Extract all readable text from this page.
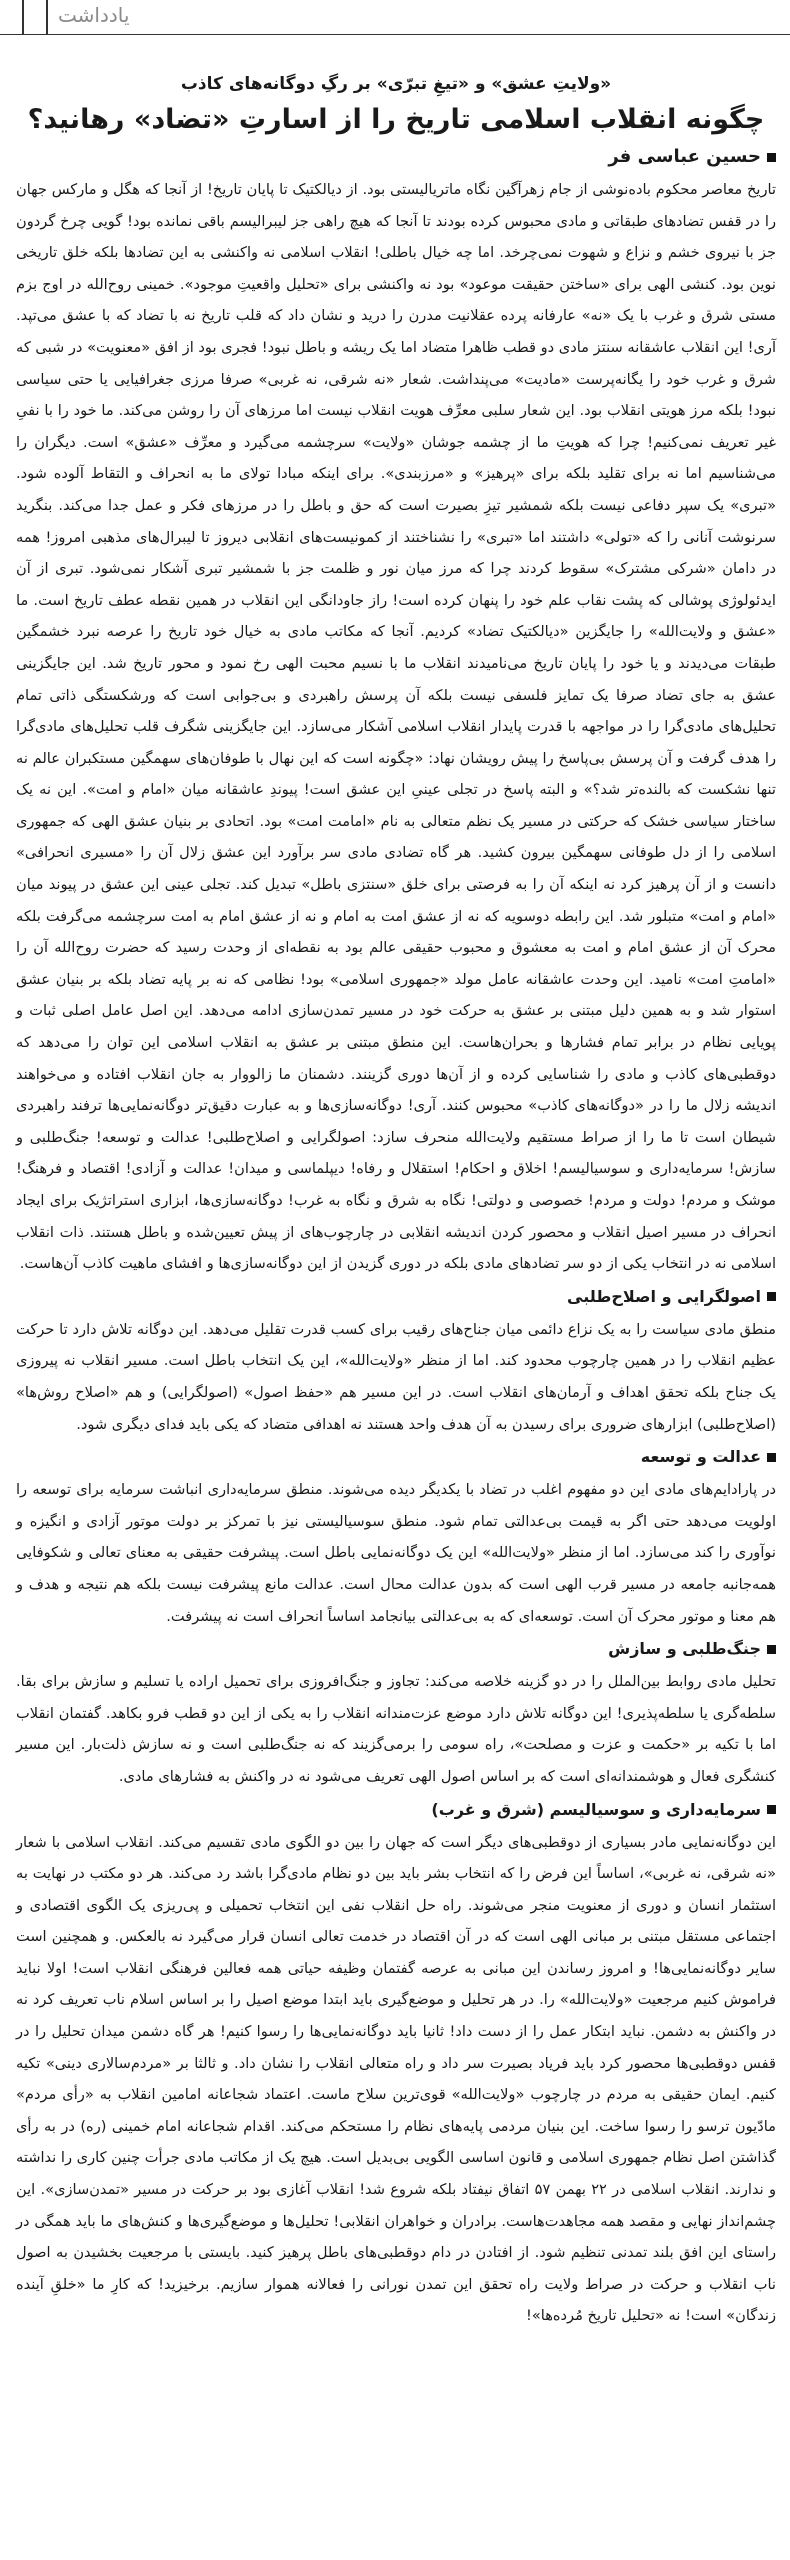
یادداشت
«ولایتِ عشق» و «تیغِ تبرّی» بر رگِ دوگانه‌های کاذب
چگونه انقلاب اسلامی تاریخ را از اسارتِ «تضاد» رهانید؟
حسین عباسی فر

تاریخ معاصر محکوم باده‌نوشی از جام زهرآگین نگاه ماتریالیستی بود. از دیالکتیک تا پایان تاریخ! از آنجا که هگل و مارکس جهان را در قفس تضادهای طبقاتی و مادی محبوس کرده بودند تا آنجا که هیچ راهی جز لیبرالیسم باقی نمانده بود! گویی چرخ گردون جز با نیروی خشم و نزاع و شهوت نمی‌چرخد. اما چه خیال باطلی! انقلاب اسلامی نه واکنشی به این تضادها بلکه خلق تاریخی نوین بود. کنشی الهی برای «ساختن حقیقت موعود» بود نه واکنشی برای «تحلیل واقعیتِ موجود». خمینی روح‌الله در اوج بزم مستی شرق و غرب با یک «نه» عارفانه پرده عقلانیت مدرن را درید و نشان داد که قلب تاریخ نه با تضاد که با عشق می‌تپد. آری! این انقلاب عاشقانه سنتز مادی دو قطب ظاهرا متضاد اما یک ریشه و باطل نبود! فجری بود از افق «معنویت» در شبی که شرق و غرب خود را یگانه‌پرست «مادیت» می‌پنداشت. شعار «نه شرقی، نه غربی» صرفا مرزی جغرافیایی یا حتی سیاسی نبود! بلکه مرز هویتی انقلاب بود. این شعار سلبی معرِّف هویت انقلاب نیست اما مرزهای آن را روشن می‌کند. ما خود را با نفیِ غیر تعریف نمی‌کنیم! چرا که هویتِ ما از چشمه جوشان «ولایت» سرچشمه می‌گیرد و معرِّف «عشق» است. دیگران را می‌شناسیم اما نه برای تقلید بلکه برای «پرهیز» و «مرزبندی». برای اینکه مبادا تولای ما به انحراف و التقاط آلوده شود. «تبری» یک سپر دفاعی نیست بلکه شمشیر تیزِ بصیرت است که حق و باطل را در مرزهای فکر و عمل جدا می‌کند. بنگرید سرنوشت آنانی را که «تولی» داشتند اما «تبری» را نشناختند از کمونیست‌های انقلابی دیروز تا لیبرال‌های مذهبی امروز! همه در دامان «شرکی مشترک» سقوط کردند چرا که مرز میان نور و ظلمت جز با شمشیر تبری آشکار نمی‌شود. تبری از آن ایدئولوژی پوشالی که پشت نقاب علم خود را پنهان کرده است! راز جاودانگی این انقلاب در همین نقطه عطف تاریخ است. ما «عشق و ولایت‌الله» را جایگزین «دیالکتیک تضاد» کردیم. آنجا که مکاتب مادی به خیال خود تاریخ را عرصه نبرد خشمگین طبقات می‌دیدند و یا خود را پایان تاریخ می‌نامیدند انقلاب ما با نسیم محبت الهی رخ نمود و محور تاریخ شد. این جایگزینی عشق به جای تضاد صرفا یک تمایز فلسفی نیست بلکه آن پرسش راهبردی و بی‌جوابی است که ورشکستگی ذاتی تمام تحلیل‌های مادی‌گرا را در مواجهه با قدرت پایدار انقلاب اسلامی آشکار می‌سازد. این جایگزینی شگرف قلب تحلیل‌های مادی‌گرا را هدف گرفت و آن پرسش بی‌پاسخ را پیش رویشان نهاد: «چگونه است که این نهال با طوفان‌های سهمگین مستکبران عالم نه تنها نشکست که بالنده‌تر شد؟» و البته پاسخ در تجلی عینیِ این عشق است! پیوندِ عاشقانه میان «امام و امت». این نه یک ساختار سیاسی خشک که حرکتی در مسیر یک نظم متعالی به نام «امامت امت» بود. اتحادی بر بنیان عشق الهی که جمهوری اسلامی را از دل طوفانی سهمگین بیرون کشید. هر گاه تضادی مادی سر برآورد این عشق زلال آن را «مسیری انحرافی» دانست و از آن پرهیز کرد نه اینکه آن را به فرصتی برای خلق «سنتزی باطل» تبدیل کند. تجلی عینی این عشق در پیوند میان «امام و امت» متبلور شد. این رابطه دوسویه که نه از عشق امت به امام و نه از عشق امام به امت سرچشمه می‌گرفت بلکه محرک آن از عشق امام و امت به معشوق و محبوب حقیقی عالم بود به نقطه‌ای از وحدت رسید که حضرت روح‌الله آن را «امامتِ امت» نامید. این وحدت عاشقانه عامل مولد «جمهوری اسلامی» بود! نظامی که نه بر پایه تضاد بلکه بر بنیان عشق استوار شد و به همین دلیل مبتنی بر عشق به حرکت خود در مسیر تمدن‌سازی ادامه می‌دهد. این اصل عامل اصلی ثبات و پویایی نظام در برابر تمام فشارها و بحران‌هاست. این منطق مبتنی بر عشق به انقلاب اسلامی این توان را می‌دهد که دوقطبی‌های کاذب و مادی را شناسایی کرده و از آن‌ها دوری گزینند. دشمنان ما زالووار به جان انقلاب افتاده و می‌خواهند اندیشه زلال ما را در «دوگانه‌های کاذب» محبوس کنند. آری! دوگانه‌سازی‌ها و به عبارت دقیق‌تر دوگانه‌نمایی‌ها ترفند راهبردی شیطان است تا ما را از صراط مستقیم ولایت‌الله منحرف سازد: اصولگرایی و اصلاح‌طلبی! عدالت و توسعه! جنگ‌طلبی و سازش! سرمایه‌داری و سوسیالیسم! اخلاق و احکام! استقلال و رفاه! دیپلماسی و میدان! عدالت و آزادی! اقتصاد و فرهنگ! موشک و مردم! دولت و مردم! خصوصی و دولتی! نگاه به شرق و نگاه به غرب! دوگانه‌سازی‌ها، ابزاری استراتژیک برای ایجاد انحراف در مسیر اصیل انقلاب و محصور کردن اندیشه انقلابی در چارچوب‌های از پیش تعیین‌شده و باطل هستند. ذات انقلاب اسلامی نه در انتخاب یکی از دو سر تضادهای مادی بلکه در دوری گزیدن از این دوگانه‌سازی‌ها و افشای ماهیت کاذب آن‌هاست.

اصولگرایی و اصلاح‌طلبی

منطق مادی سیاست را به یک نزاع دائمی میان جناح‌های رقیب برای کسب قدرت تقلیل می‌دهد. این دوگانه تلاش دارد تا حرکت عظیم انقلاب را در همین چارچوب محدود کند. اما از منظر «ولایت‌الله»، این یک انتخاب باطل است. مسیر انقلاب نه پیروزی یک جناح بلکه تحقق اهداف و آرمان‌های انقلاب است. در این مسیر هم «حفظ اصول» (اصولگرایی) و هم «اصلاح روش‌ها» (اصلاح‌طلبی) ابزارهای ضروری برای رسیدن به آن هدف واحد هستند نه اهدافی متضاد که یکی باید فدای دیگری شود.

عدالت و توسعه

در پارادایم‌های مادی این دو مفهوم اغلب در تضاد با یکدیگر دیده می‌شوند. منطق سرمایه‌داری انباشت سرمایه برای توسعه را اولویت می‌دهد حتی اگر به قیمت بی‌عدالتی تمام شود. منطق سوسیالیستی نیز با تمرکز بر دولت موتور آزادی و انگیزه و نوآوری را کند می‌سازد. اما از منظر «ولایت‌الله» این یک دوگانه‌نمایی باطل است. پیشرفت حقیقی به معنای تعالی و شکوفایی همه‌جانبه جامعه در مسیر قرب الهی است که بدون عدالت محال است. عدالت مانع پیشرفت نیست بلکه هم نتیجه و هدف و هم معنا و موتور محرک آن است. توسعه‌ای که به بی‌عدالتی بیانجامد اساساً انحراف است نه پیشرفت.

جنگ‌طلبی و سازش

تحلیل مادی روابط بین‌الملل را در دو گزینه خلاصه می‌کند: تجاوز و جنگ‌افروزی برای تحمیل اراده یا تسلیم و سازش برای بقا. سلطه‌گری یا سلطه‌پذیری! این دوگانه تلاش دارد موضع عزت‌مندانه انقلاب را به یکی از این دو قطب فرو بکاهد. گفتمان انقلاب اما با تکیه بر «حکمت و عزت و مصلحت»، راه سومی را برمی‌گزیند که نه جنگ‌طلبی است و نه سازش ذلت‌بار. این مسیر کنشگری فعال و هوشمندانه‌ای است که بر اساس اصول الهی تعریف می‌شود نه در واکنش به فشارهای مادی.

سرمایه‌داری و سوسیالیسم (شرق و غرب)

این دوگانه‌نمایی مادر بسیاری از دوقطبی‌های دیگر است که جهان را بین دو الگوی مادی تقسیم می‌کند. انقلاب اسلامی با شعار «نه شرقی، نه غربی»، اساساً این فرض را که انتخاب بشر باید بین دو نظام مادی‌گرا باشد رد می‌کند. هر دو مکتب در نهایت به استثمار انسان و دوری از معنویت منجر می‌شوند. راه حل انقلاب نفی این انتخاب تحمیلی و پی‌ریزی یک الگوی اقتصادی و اجتماعی مستقل مبتنی بر مبانی الهی است که در آن اقتصاد در خدمت تعالی انسان قرار می‌گیرد نه بالعکس. و همچنین است سایر دوگانه‌نمایی‌ها! و امروز رساندن این مبانی به عرصه گفتمان وظیفه حیاتی همه فعالین فرهنگی انقلاب است! اولا نباید فراموش کنیم مرجعیت «ولایت‌الله» را. در هر تحلیل و موضع‌گیری باید ابتدا موضع اصیل را بر اساس اسلام ناب تعریف کرد نه در واکنش به دشمن. نباید ابتکار عمل را از دست داد! ثانیا باید دوگانه‌نمایی‌ها را رسوا کنیم! هر گاه دشمن میدان تحلیل را در قفس دوقطبی‌ها محصور کرد باید فریاد بصیرت سر داد و راه متعالی انقلاب را نشان داد. و ثالثا بر «مردم‌سالاری دینی» تکیه کنیم. ایمان حقیقی به مردم در چارچوب «ولایت‌الله» قوی‌ترین سلاح ماست. اعتماد شجاعانه امامین انقلاب به «رأی مردم» مادّیون ترسو را رسوا ساخت. این بنیان مردمی پایه‌های نظام را مستحکم می‌کند. اقدام شجاعانه امام خمینی (ره) در به رأی گذاشتن اصل نظام جمهوری اسلامی و قانون اساسی الگویی بی‌بدیل است. هیچ یک از مکاتب مادی جرأت چنین کاری را نداشته و ندارند. انقلاب اسلامی در ۲۲ بهمن ۵۷ اتفاق نیفتاد بلکه شروع شد! انقلاب آغازی بود بر حرکت در مسیر «تمدن‌سازی». این چشم‌انداز نهایی و مقصد همه مجاهدت‌هاست. برادران و خواهران انقلابی! تحلیل‌ها و موضع‌گیری‌ها و کنش‌های ما باید همگی در راستای این افق بلند تمدنی تنظیم شود. از افتادن در دام دوقطبی‌های باطل پرهیز کنید. بایستی با مرجعیت بخشیدن به اصول ناب انقلاب و حرکت در صراط ولایت راه تحقق این تمدن نورانی را فعالانه هموار سازیم. برخیزید! که کارِ ما «خلقِ آینده زندگان» است! نه «تحلیل تاریخ مُرده‌ها»!
